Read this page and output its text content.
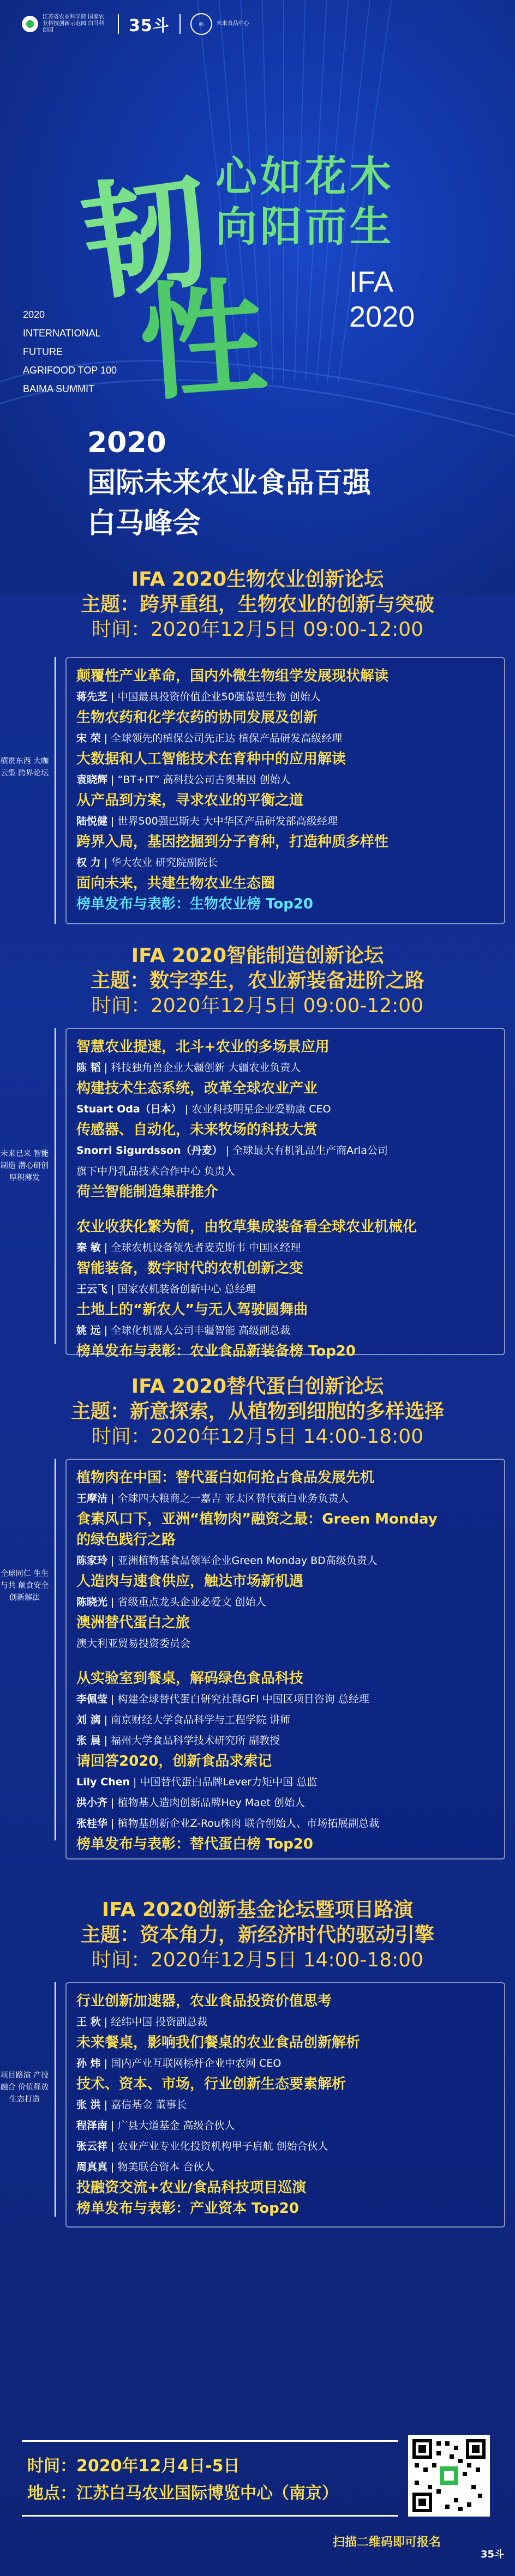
江苏省农业科学院 国家农业科技创新示范园 白马科创园	35斗	◎	未来食品中心
韧
性
心如花木
向阳而生
IFA
2020
2020
INTERNATIONAL
FUTURE
AGRIFOOD TOP 100
BAIMA SUMMIT
2020
国际未来农业食品百强
白马峰会
IFA 2020生物农业创新论坛
主题：跨界重组，生物农业的创新与突破
时间：2020年12月5日 09:00-12:00
横贯东西 大咖云集 跨界论坛
颠覆性产业革命，国内外微生物组学发展现状解读
蒋先芝 | 中国最具投资价值企业50强慕恩生物 创始人
生物农药和化学农药的协同发展及创新
宋 荣 | 全球领先的植保公司先正达 植保产品研发高级经理
大数据和人工智能技术在育种中的应用解读
袁晓辉 | “BT+IT” 高科技公司古奥基因 创始人
从产品到方案，寻求农业的平衡之道
陆悦健 | 世界500强巴斯夫 大中华区产品研发部高级经理
跨界入局，基因挖掘到分子育种，打造种质多样性
权 力 | 华大农业 研究院副院长
面向未来，共建生物农业生态圈
榜单发布与表彰：生物农业榜 Top20
IFA 2020智能制造创新论坛
主题：数字孪生，农业新装备进阶之路
时间：2020年12月5日 09:00-12:00
未来已来 智能制造 潜心研创 厚积薄发
智慧农业提速，北斗+农业的多场景应用
陈 韬 | 科技独角兽企业大疆创新 大疆农业负责人
构建技术生态系统，改革全球农业产业
Stuart Oda（日本） | 农业科技明星企业爱勒康 CEO
传感器、自动化，未来牧场的科技大赏
Snorri Sigurdsson（丹麦） | 全球最大有机乳品生产商Arla公司
旗下中丹乳品技术合作中心 负责人
荷兰智能制造集群推介
农业收获化繁为简，由牧草集成装备看全球农业机械化
秦 敏 | 全球农机设备领先者麦克斯韦 中国区经理
智能装备，数字时代的农机创新之变
王云飞 | 国家农机装备创新中心 总经理
土地上的“新农人”与无人驾驶圆舞曲
姚 远 | 全球化机器人公司丰疆智能 高级副总裁
榜单发布与表彰：农业食品新装备榜 Top20
IFA 2020替代蛋白创新论坛
主题：新意探索，从植物到细胞的多样选择
时间：2020年12月5日 14:00-18:00
全球同仁 生生与共 颠食安全 创新解法
植物肉在中国：替代蛋白如何抢占食品发展先机
王摩洁 | 全球四大粮商之一嘉吉 亚太区替代蛋白业务负责人
食素风口下，亚洲“植物肉”融资之最：Green Monday
的绿色践行之路
陈家玲 | 亚洲植物基食品领军企业Green Monday BD高级负责人
人造肉与速食供应，触达市场新机遇
陈晓光 | 省级重点龙头企业必爱文 创始人
澳洲替代蛋白之旅
澳大利亚贸易投资委员会
从实验室到餐桌，解码绿色食品科技
李佩莹 | 构建全球替代蛋白研究社群GFI 中国区项目咨询 总经理
刘 漓 | 南京财经大学食品科学与工程学院 讲师
张 晨 | 福州大学食品科学技术研究所 副教授
请回答2020，创新食品求索记
Lily Chen | 中国替代蛋白品牌Lever力矩中国 总监
洪小齐 | 植物基人造肉创新品牌Hey Maet 创始人
张桂华 | 植物基创新企业Z-Rou株肉 联合创始人、市场拓展副总裁
榜单发布与表彰：替代蛋白榜 Top20
IFA 2020创新基金论坛暨项目路演
主题：资本角力，新经济时代的驱动引擎
时间：2020年12月5日 14:00-18:00
项目路演 产投融合 价值释放 生态打造
行业创新加速器，农业食品投资价值思考
王 秋 | 经纬中国 投资副总裁
未来餐桌，影响我们餐桌的农业食品创新解析
孙 炜 | 国内产业互联网标杆企业中农网 CEO
技术、资本、市场，行业创新生态要素解析
张 洪 | 嘉信基金 董事长
程泽南 | 广县大道基金 高级合伙人
张云祥 | 农业产业专业化投资机构甲子启航 创始合伙人
周真真 | 物美联合资本 合伙人
投融资交流+农业/食品科技项目巡演
榜单发布与表彰：产业资本 Top20
时间：2020年12月4日-5日
地点：江苏白马农业国际博览中心（南京）
扫描二维码即可报名
35斗
